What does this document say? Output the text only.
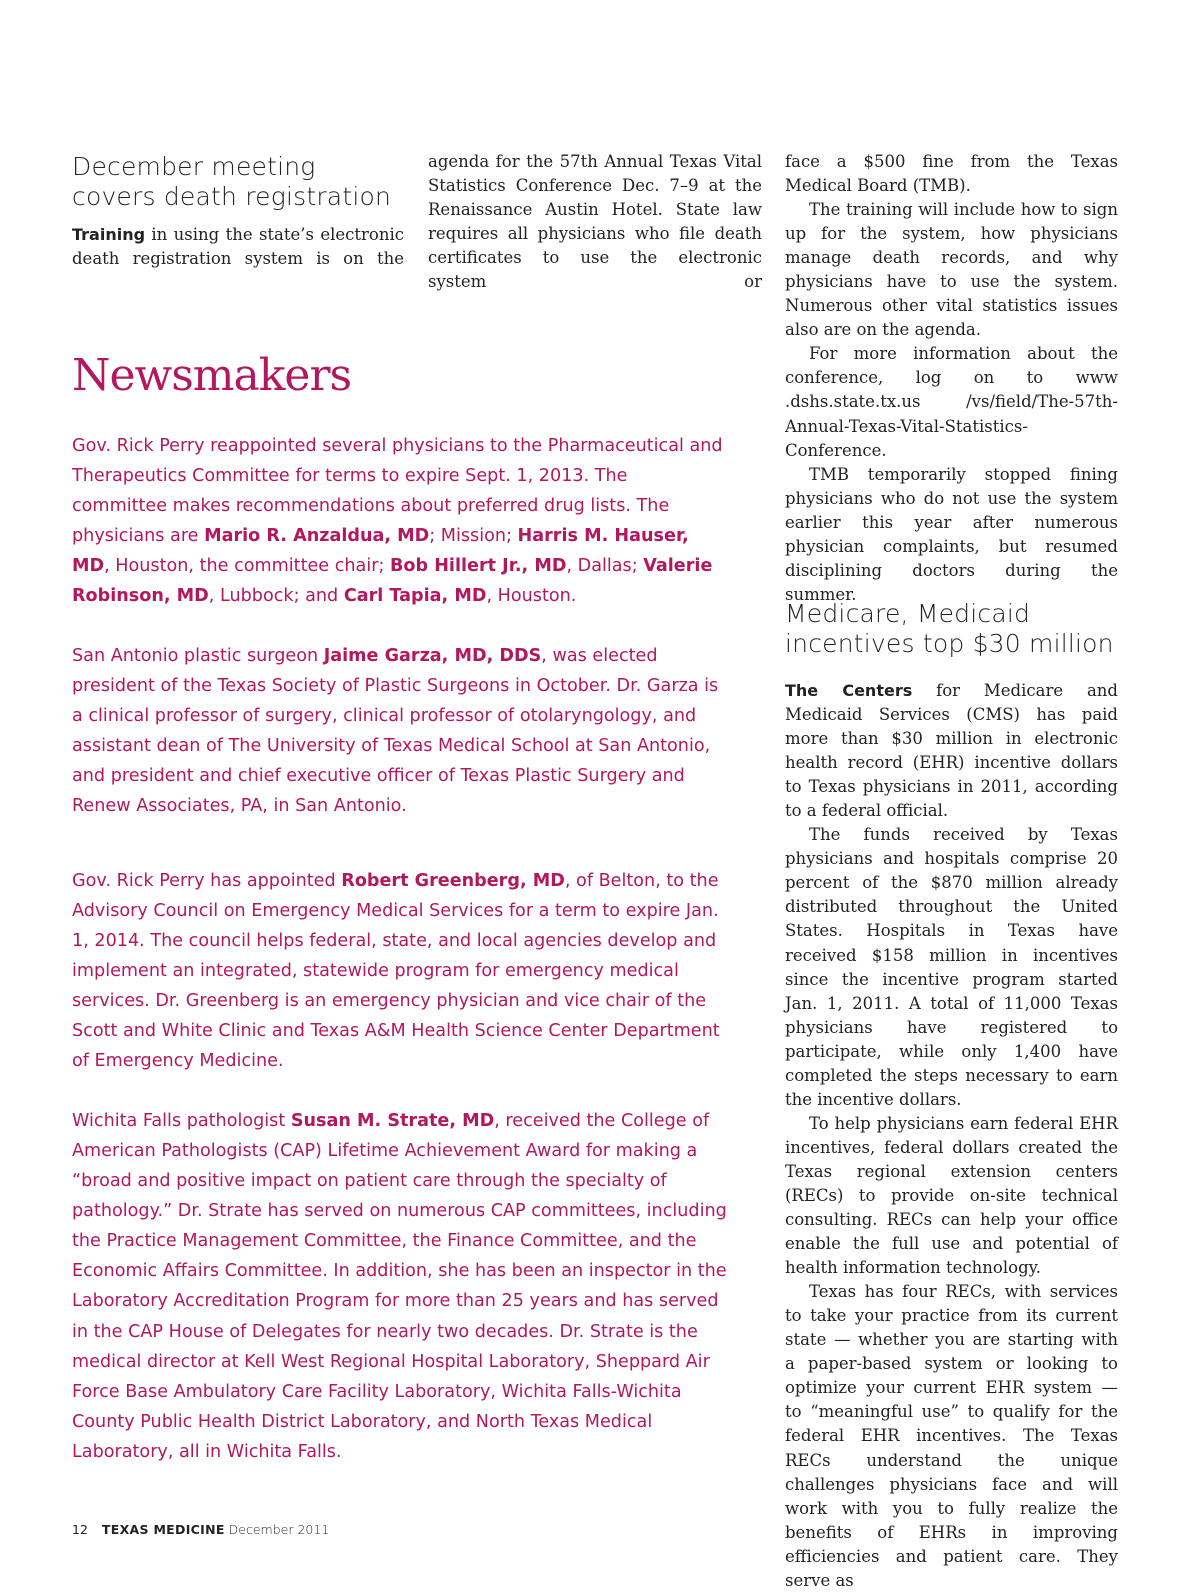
December meeting
covers death registration

Training in using the state’s electronic death registration system is on the

agenda for the 57th Annual Texas Vital Statistics Conference Dec. 7–9 at the Renaissance Austin Hotel. State law requires all physicians who file death certificates to use the electronic system or

face a $500 fine from the Texas Medical Board (TMB).

The training will include how to sign up for the system, how physicians manage death records, and why physicians have to use the system. Numerous other vital statistics issues also are on the agenda.

For more information about the conference, log on to www .dshs.state.tx.us /vs/field/The-57th-Annual-Texas-Vital-Statistics-Conference.

TMB temporarily stopped fining physicians who do not use the system earlier this year after numerous physician complaints, but resumed disciplining doctors during the summer.

Newsmakers

Gov. Rick Perry reappointed several physicians to the Pharmaceutical and Therapeutics Committee for terms to expire Sept. 1, 2013. The committee makes recommendations about preferred drug lists. The physicians are Mario R. Anzaldua, MD; Mission; Harris M. Hauser, MD, Houston, the committee chair; Bob Hillert Jr., MD, Dallas; Valerie Robinson, MD, Lubbock; and Carl Tapia, MD, Houston.

San Antonio plastic surgeon Jaime Garza, MD, DDS, was elected president of the Texas Society of Plastic Surgeons in October. Dr. Garza is a clinical professor of surgery, clinical professor of otolaryngology, and assistant dean of The University of Texas Medical School at San Antonio, and president and chief executive officer of Texas Plastic Surgery and Renew Associates, PA, in San Antonio.

Gov. Rick Perry has appointed Robert Greenberg, MD, of Belton, to the Advisory Council on Emergency Medical Services for a term to expire Jan. 1, 2014. The council helps federal, state, and local agencies develop and implement an integrated, statewide program for emergency medical services. Dr. Greenberg is an emergency physician and vice chair of the Scott and White Clinic and Texas A&M Health Science Center Department of Emergency Medicine.

Wichita Falls pathologist Susan M. Strate, MD, received the College of American Pathologists (CAP) Lifetime Achievement Award for making a “broad and positive impact on patient care through the specialty of pathology.” Dr. Strate has served on numerous CAP committees, including the Practice Management Committee, the Finance Committee, and the Economic Affairs Committee. In addition, she has been an inspector in the Laboratory Accreditation Program for more than 25 years and has served in the CAP House of Delegates for nearly two decades. Dr. Strate is the medical director at Kell West Regional Hospital Laboratory, Sheppard Air Force Base Ambulatory Care Facility Laboratory, Wichita Falls-Wichita County Public Health District Laboratory, and North Texas Medical Laboratory, all in Wichita Falls.

Medicare, Medicaid
incentives top $30 million

The Centers for Medicare and Medicaid Services (CMS) has paid more than $30 million in electronic health record (EHR) incentive dollars to Texas physicians in 2011, according to a federal official.

The funds received by Texas physicians and hospitals comprise 20 percent of the $870 million already distributed throughout the United States. Hospitals in Texas have received $158 million in incentives since the incentive program started Jan. 1, 2011. A total of 11,000 Texas physicians have registered to participate, while only 1,400 have completed the steps necessary to earn the incentive dollars.

To help physicians earn federal EHR incentives, federal dollars created the Texas regional extension centers (RECs) to provide on-site technical consulting. RECs can help your office enable the full use and potential of health information technology.

Texas has four RECs, with services to take your practice from its current state — whether you are starting with a paper-based system or looking to optimize your current EHR system — to “meaningful use” to qualify for the federal EHR incentives. The Texas RECs understand the unique challenges physicians face and will work with you to fully realize the benefits of EHRs in improving efficiencies and patient care. They serve as

12 TEXAS MEDICINE December 2011
